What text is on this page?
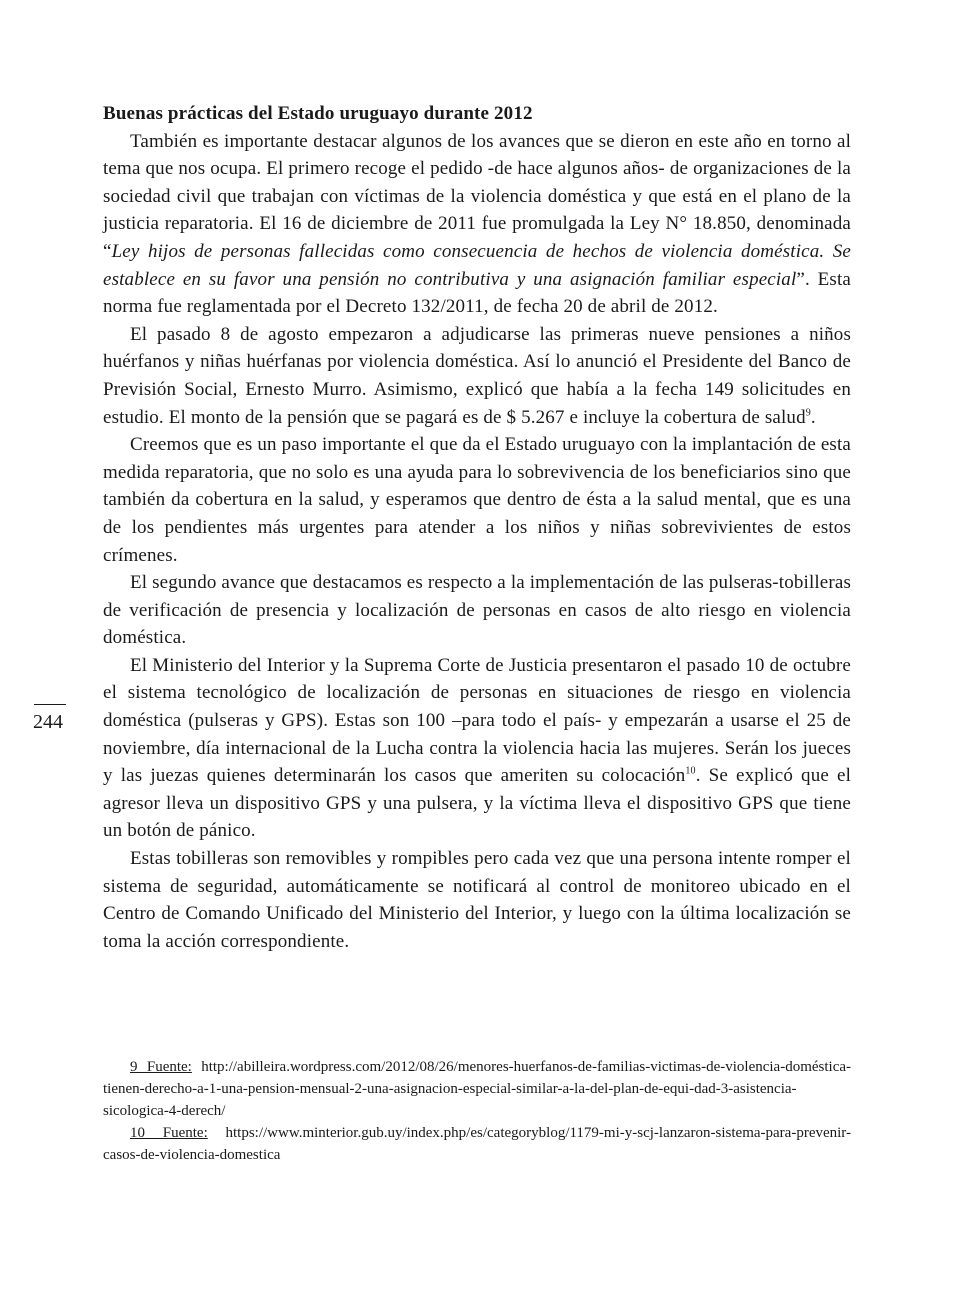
244

Buenas prácticas del Estado uruguayo durante 2012

También es importante destacar algunos de los avances que se dieron en este año en torno al tema que nos ocupa. El primero recoge el pedido -de hace algunos años- de organizaciones de la sociedad civil que trabajan con víctimas de la violencia doméstica y que está en el plano de la justicia reparatoria. El 16 de diciembre de 2011 fue promulgada la Ley N° 18.850, denominada “Ley hijos de personas fallecidas como consecuencia de hechos de violencia doméstica. Se establece en su favor una pensión no contributiva y una asignación familiar especial”. Esta norma fue reglamentada por el Decreto 132/2011, de fecha 20 de abril de 2012.

El pasado 8 de agosto empezaron a adjudicarse las primeras nueve pensiones a niños huérfanos y niñas huérfanas por violencia doméstica. Así lo anunció el Presidente del Banco de Previsión Social, Ernesto Murro. Asimismo, explicó que había a la fecha 149 solicitudes en estudio. El monto de la pensión que se pagará es de $ 5.267 e incluye la cobertura de salud$^9$.

Creemos que es un paso importante el que da el Estado uruguayo con la implantación de esta medida reparatoria, que no solo es una ayuda para lo sobrevivencia de los beneficiarios sino que también da cobertura en la salud, y esperamos que dentro de ésta a la salud mental, que es una de los pendientes más urgentes para atender a los niños y niñas sobrevivientes de estos crímenes.

El segundo avance que destacamos es respecto a la implementación de las pulseras-tobilleras de verificación de presencia y localización de personas en casos de alto riesgo en violencia doméstica.

El Ministerio del Interior y la Suprema Corte de Justicia presentaron el pasado 10 de octubre el sistema tecnológico de localización de personas en situaciones de riesgo en violencia doméstica (pulseras y GPS). Estas son 100 –para todo el país- y empezarán a usarse el 25 de noviembre, día internacional de la Lucha contra la violencia hacia las mujeres. Serán los jueces y las juezas quienes determinarán los casos que ameriten su colocación$^{10}$. Se explicó que el agresor lleva un dispositivo GPS y una pulsera, y la víctima lleva el dispositivo GPS que tiene un botón de pánico.

Estas tobilleras son removibles y rompibles pero cada vez que una persona intente romper el sistema de seguridad, automáticamente se notificará al control de monitoreo ubicado en el Centro de Comando Unificado del Ministerio del Interior, y luego con la última localización se toma la acción correspondiente.

9 Fuente: http://abilleira.wordpress.com/2012/08/26/menores-huerfanos-de-familias-victimas-de-violencia-doméstica-tienen-derecho-a-1-una-pension-mensual-2-una-asignacion-especial-similar-a-la-del-plan-de-equi-dad-3-asistencia-sicologica-4-derech/

10 Fuente: https://www.minterior.gub.uy/index.php/es/categoryblog/1179-mi-y-scj-lanzaron-sistema-para-prevenir-casos-de-violencia-domestica
